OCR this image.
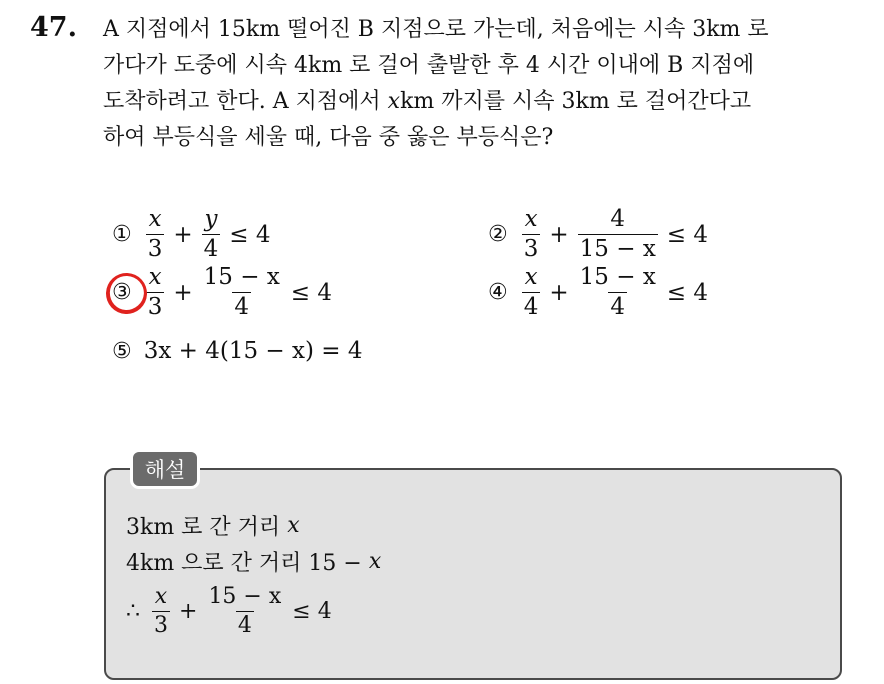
47. A 지점에서 15km 떨어진 B 지점으로 가는데, 처음에는 시속 3km 로
가다가 도중에 시속 4km 로 걸어 출발한 후 4 시간 이내에 B 지점에
도착하려고 한다. A 지점에서 xkm 까지를 시속 3km 로 걸어간다고
하여 부등식을 세울 때, 다음 중 옳은 부등식은?
① $\frac{x}{3} + \frac{y}{4} \le 4$	② $\frac{x}{3} + \frac{4}{15 - x} \le 4$
③ $\frac{x}{3} + \frac{15 - x}{4} \le 4$	④ $\frac{x}{4} + \frac{15 - x}{4} \le 4$
⑤ 3x + 4(15 − x) = 4
해설
3km 로 간 거리
x
4km 으로 간 거리 15 −
x
∴ $\frac{x}{3} + \frac{15 - x}{4} \le 4$
